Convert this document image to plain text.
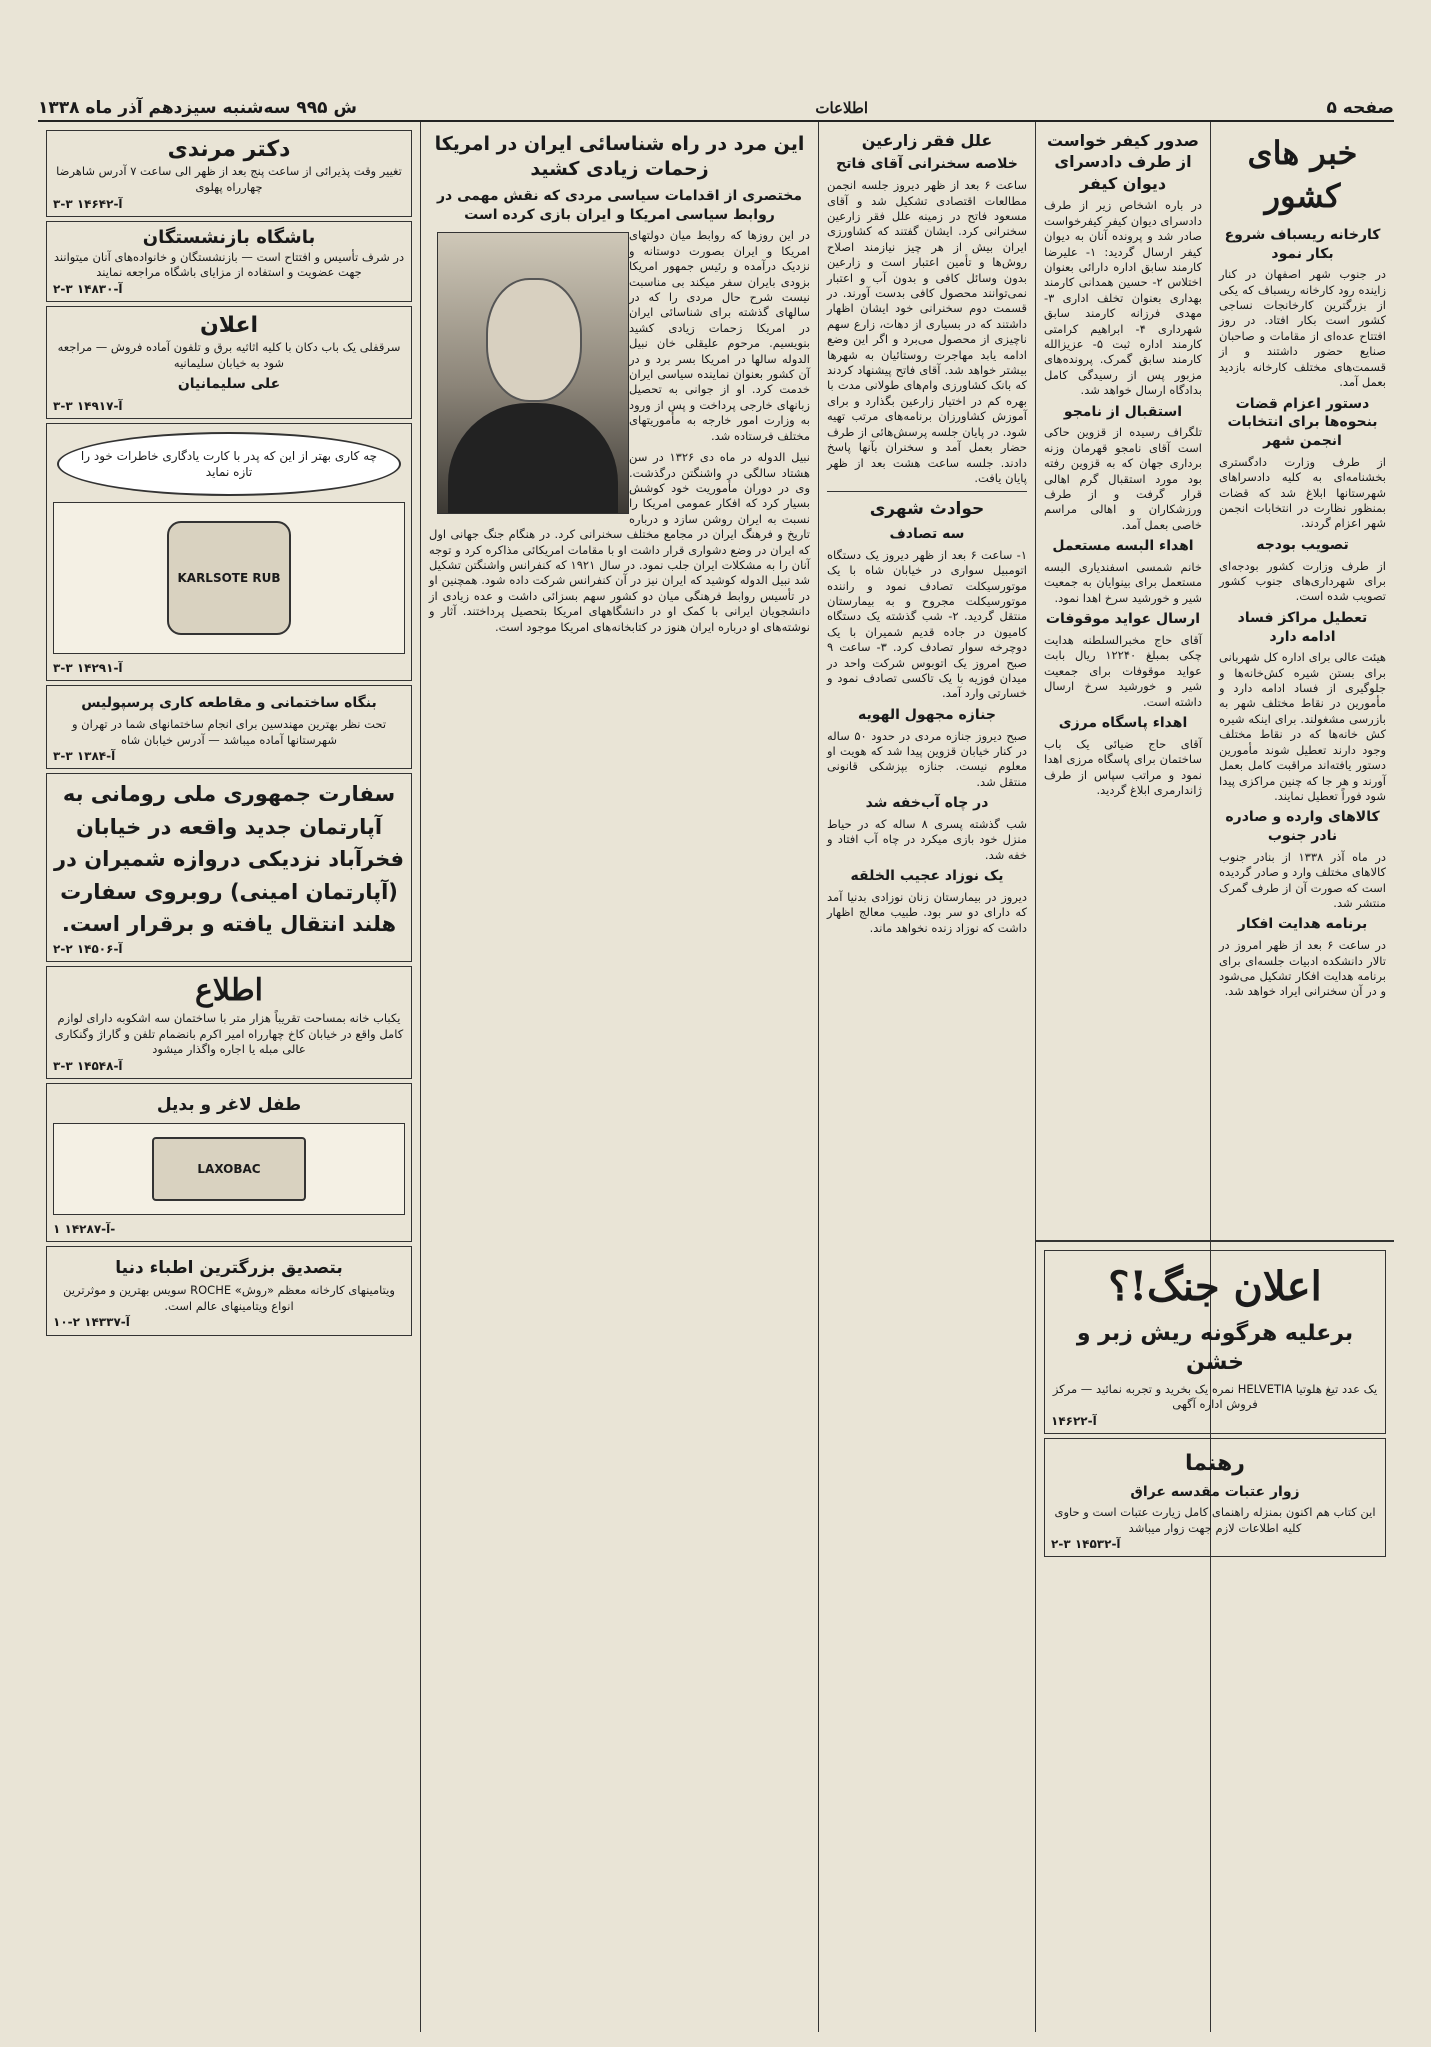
صفحه ۵
اطلاعات
ش ۹۹۵ سه‌شنبه سیزدهم آذر ماه ۱۳۳۸
خبر های کشور
کارخانه ریسباف شروع بکار نمود
در جنوب شهر اصفهان در کنار زاینده رود کارخانه ریسباف که یکی از بزرگترین کارخانجات نساجی کشور است بکار افتاد. در روز افتتاح عده‌ای از مقامات و صاحبان صنایع حضور داشتند و از قسمت‌های مختلف کارخانه بازدید بعمل آمد.
دستور اعزام قضات بنحوه‌ها برای انتخابات انجمن شهر
از طرف وزارت دادگستری بخشنامه‌ای به کلیه دادسراهای شهرستانها ابلاغ شد که قضات بمنظور نظارت در انتخابات انجمن شهر اعزام گردند.
تصویب بودجه
از طرف وزارت کشور بودجه‌ای برای شهرداری‌های جنوب کشور تصویب شده است.
تعطیل مراکز فساد ادامه دارد
هیئت عالی برای اداره کل شهربانی برای بستن شیره کش‌خانه‌ها و جلوگیری از فساد ادامه دارد و مأمورین در نقاط مختلف شهر به بازرسی مشغولند. برای اینکه شیره کش خانه‌ها که در نقاط مختلف وجود دارند تعطیل شوند مأمورین دستور یافته‌اند مراقبت کامل بعمل آورند و هر جا که چنین مراکزی پیدا شود فوراً تعطیل نمایند.
کالاهای وارده و صادره نادر جنوب
در ماه آذر ۱۳۳۸ از بنادر جنوب کالاهای مختلف وارد و صادر گردیده است که صورت آن از طرف گمرک منتشر شد.
برنامه هدایت افکار
در ساعت ۶ بعد از ظهر امروز در تالار دانشکده ادبیات جلسه‌ای برای برنامه هدایت افکار تشکیل می‌شود و در آن سخنرانی ایراد خواهد شد.
صدور کیفر خواست از طرف دادسرای دیوان کیفر
در باره اشخاص زیر از طرف دادسرای دیوان کیفر کیفرخواست صادر شد و پرونده آنان به دیوان کیفر ارسال گردید: ۱- علیرضا کارمند سابق اداره دارائی بعنوان اختلاس ۲- حسین همدانی کارمند بهداری بعنوان تخلف اداری ۳- مهدی فرزانه کارمند سابق شهرداری ۴- ابراهیم کرامتی کارمند اداره ثبت ۵- عزیزالله کارمند سابق گمرک. پرونده‌های مزبور پس از رسیدگی کامل بدادگاه ارسال خواهد شد.
استقبال از نامجو
تلگراف رسیده از قزوین حاکی است آقای نامجو قهرمان وزنه برداری جهان که به قزوین رفته بود مورد استقبال گرم اهالی قرار گرفت و از طرف ورزشکاران و اهالی مراسم خاصی بعمل آمد.
اهداء البسه مستعمل
خانم شمسی اسفندیاری البسه مستعمل برای بینوایان به جمعیت شیر و خورشید سرخ اهدا نمود.
ارسال عواید موقوفات
آقای حاج مخبرالسلطنه هدایت چکی بمبلغ ۱۲۲۴۰ ریال بابت عواید موقوفات برای جمعیت شیر و خورشید سرخ ارسال داشته است.
اهداء پاسگاه مرزی
آقای حاج ضیائی یک باب ساختمان برای پاسگاه مرزی اهدا نمود و مراتب سپاس از طرف ژاندارمری ابلاغ گردید.
اعلان جنگ!؟
برعلیه هرگونه ریش زبر و خشن
یک عدد تیغ هلوتیا HELVETIA نمره یک بخرید و تجربه نمائید — مرکز فروش اداره آگهی
آ-۱۴۶۲۲
رهنما
زوار عتبات مقدسه عراق
این کتاب هم اکنون بمنزله راهنمای کامل زیارت عتبات است و حاوی کلیه اطلاعات لازم جهت زوار میباشد
آ-۱۴۵۳۲ ۳-۲
علل فقر زارعین
خلاصه سخنرانی آقای فاتح
ساعت ۶ بعد از ظهر دیروز جلسه انجمن مطالعات اقتصادی تشکیل شد و آقای مسعود فاتح در زمینه علل فقر زارعین سخنرانی کرد. ایشان گفتند که کشاورزی ایران بیش از هر چیز نیازمند اصلاح روش‌ها و تأمین اعتبار است و زارعین بدون وسائل کافی و بدون آب و اعتبار نمی‌توانند محصول کافی بدست آورند. در قسمت دوم سخنرانی خود ایشان اظهار داشتند که در بسیاری از دهات، زارع سهم ناچیزی از محصول می‌برد و اگر این وضع ادامه یابد مهاجرت روستائیان به شهرها بیشتر خواهد شد. آقای فاتح پیشنهاد کردند که بانک کشاورزی وام‌های طولانی مدت با بهره کم در اختیار زارعین بگذارد و برای آموزش کشاورزان برنامه‌های مرتب تهیه شود. در پایان جلسه پرسش‌هائی از طرف حضار بعمل آمد و سخنران بآنها پاسخ دادند. جلسه ساعت هشت بعد از ظهر پایان یافت.
حوادث شهری
سه تصادف
۱- ساعت ۶ بعد از ظهر دیروز یک دستگاه اتومبیل سواری در خیابان شاه با یک موتورسیکلت تصادف نمود و راننده موتورسیکلت مجروح و به بیمارستان منتقل گردید. ۲- شب گذشته یک دستگاه کامیون در جاده قدیم شمیران با یک دوچرخه سوار تصادف کرد. ۳- ساعت ۹ صبح امروز یک اتوبوس شرکت واحد در میدان فوزیه با یک تاکسی تصادف نمود و خسارتی وارد آمد.
جنازه مجهول الهویه
صبح دیروز جنازه مردی در حدود ۵۰ ساله در کنار خیابان قزوین پیدا شد که هویت او معلوم نیست. جنازه بپزشکی قانونی منتقل شد.
در چاه آب‌خفه شد
شب گذشته پسری ۸ ساله که در حیاط منزل خود بازی میکرد در چاه آب افتاد و خفه شد.
یک نوزاد عجیب الخلقه
دیروز در بیمارستان زنان نوزادی بدنیا آمد که دارای دو سر بود. طبیب معالج اظهار داشت که نوزاد زنده نخواهد ماند.
این مرد در راه شناسائی ایران در امریکا زحمات زیادی کشید
مختصری از اقدامات سیاسی مردی که نقش مهمی در روابط سیاسی امریکا و ایران بازی کرده است
در این روزها که روابط میان دولتهای امریکا و ایران بصورت دوستانه و نزدیک درآمده و رئیس جمهور امریکا بزودی بایران سفر میکند بی مناسبت نیست شرح حال مردی را که در سالهای گذشته برای شناسائی ایران در امریکا زحمات زیادی کشید بنویسیم. مرحوم علیقلی خان نبیل الدوله سالها در امریکا بسر برد و در آن کشور بعنوان نماینده سیاسی ایران خدمت کرد. او از جوانی به تحصیل زبانهای خارجی پرداخت و پس از ورود به وزارت امور خارجه به مأموریتهای مختلف فرستاده شد.
نبیل الدوله در ماه دی ۱۳۲۶ در سن هشتاد سالگی در واشنگتن درگذشت. وی در دوران مأموریت خود کوشش بسیار کرد که افکار عمومی امریکا را نسبت به ایران روشن سازد و درباره تاریخ و فرهنگ ایران در مجامع مختلف سخنرانی کرد. در هنگام جنگ جهانی اول که ایران در وضع دشواری قرار داشت او با مقامات امریکائی مذاکره کرد و توجه آنان را به مشکلات ایران جلب نمود. در سال ۱۹۲۱ که کنفرانس واشنگتن تشکیل شد نبیل الدوله کوشید که ایران نیز در آن کنفرانس شرکت داده شود. همچنین او در تأسیس روابط فرهنگی میان دو کشور سهم بسزائی داشت و عده زیادی از دانشجویان ایرانی با کمک او در دانشگاههای امریکا بتحصیل پرداختند. آثار و نوشته‌های او درباره ایران هنوز در کتابخانه‌های امریکا موجود است.
دکتر مرندی
تغییر وقت پذیرائی از ساعت پنج بعد از ظهر الی ساعت ۷ آدرس شاهرضا چهارراه پهلوی
آ-۱۴۶۴۲ ۳-۳
باشگاه بازنشستگان
در شرف تأسیس و افتتاح است — بازنشستگان و خانواده‌های آنان میتوانند جهت عضویت و استفاده از مزایای باشگاه مراجعه نمایند
آ-۱۴۸۳۰ ۳-۲
اعلان
سرقفلی یک باب دکان با کلیه اثاثیه برق و تلفون آماده فروش — مراجعه شود به خیابان سلیمانیه
علی سلیمانیان
آ-۱۴۹۱۷ ۳-۳
چه کاری بهتر از این که پدر با کارت یادگاری خاطرات خود را تازه نماید
KARLSOTE RUB
آ-۱۴۲۹۱ ۳-۳
بنگاه ساختمانی و مقاطعه کاری پرسپولیس
تحت نظر بهترین مهندسین برای انجام ساختمانهای شما در تهران و شهرستانها آماده میباشد — آدرس خیابان شاه
آ-۱۳۸۴ ۳-۳
سفارت جمهوری ملی رومانی به آپارتمان جدید واقعه در خیابان فخرآباد نزدیکی دروازه شمیران در (آپارتمان امینی) روبروی سفارت هلند انتقال یافته و برقرار است.
آ-۱۴۵۰۶ ۲-۲
اطلاع
یکباب خانه بمساحت تقریباً هزار متر با ساختمان سه اشکوبه دارای لوازم کامل واقع در خیابان کاخ چهارراه امیر اکرم بانضمام تلفن و گاراژ وگنکاری عالی مبله یا اجاره واگذار میشود
آ-۱۴۵۴۸ ۳-۳
طفل لاغر و بدیل
LAXOBAC
آ-۱۴۲۸۷ ۱-
بتصدیق بزرگترین اطباء دنیا
ویتامینهای کارخانه معظم «روش» ROCHE سویس بهترین و موثرترین انواع ویتامینهای عالم است.
آ-۱۴۳۳۷ ۲-۱۰
